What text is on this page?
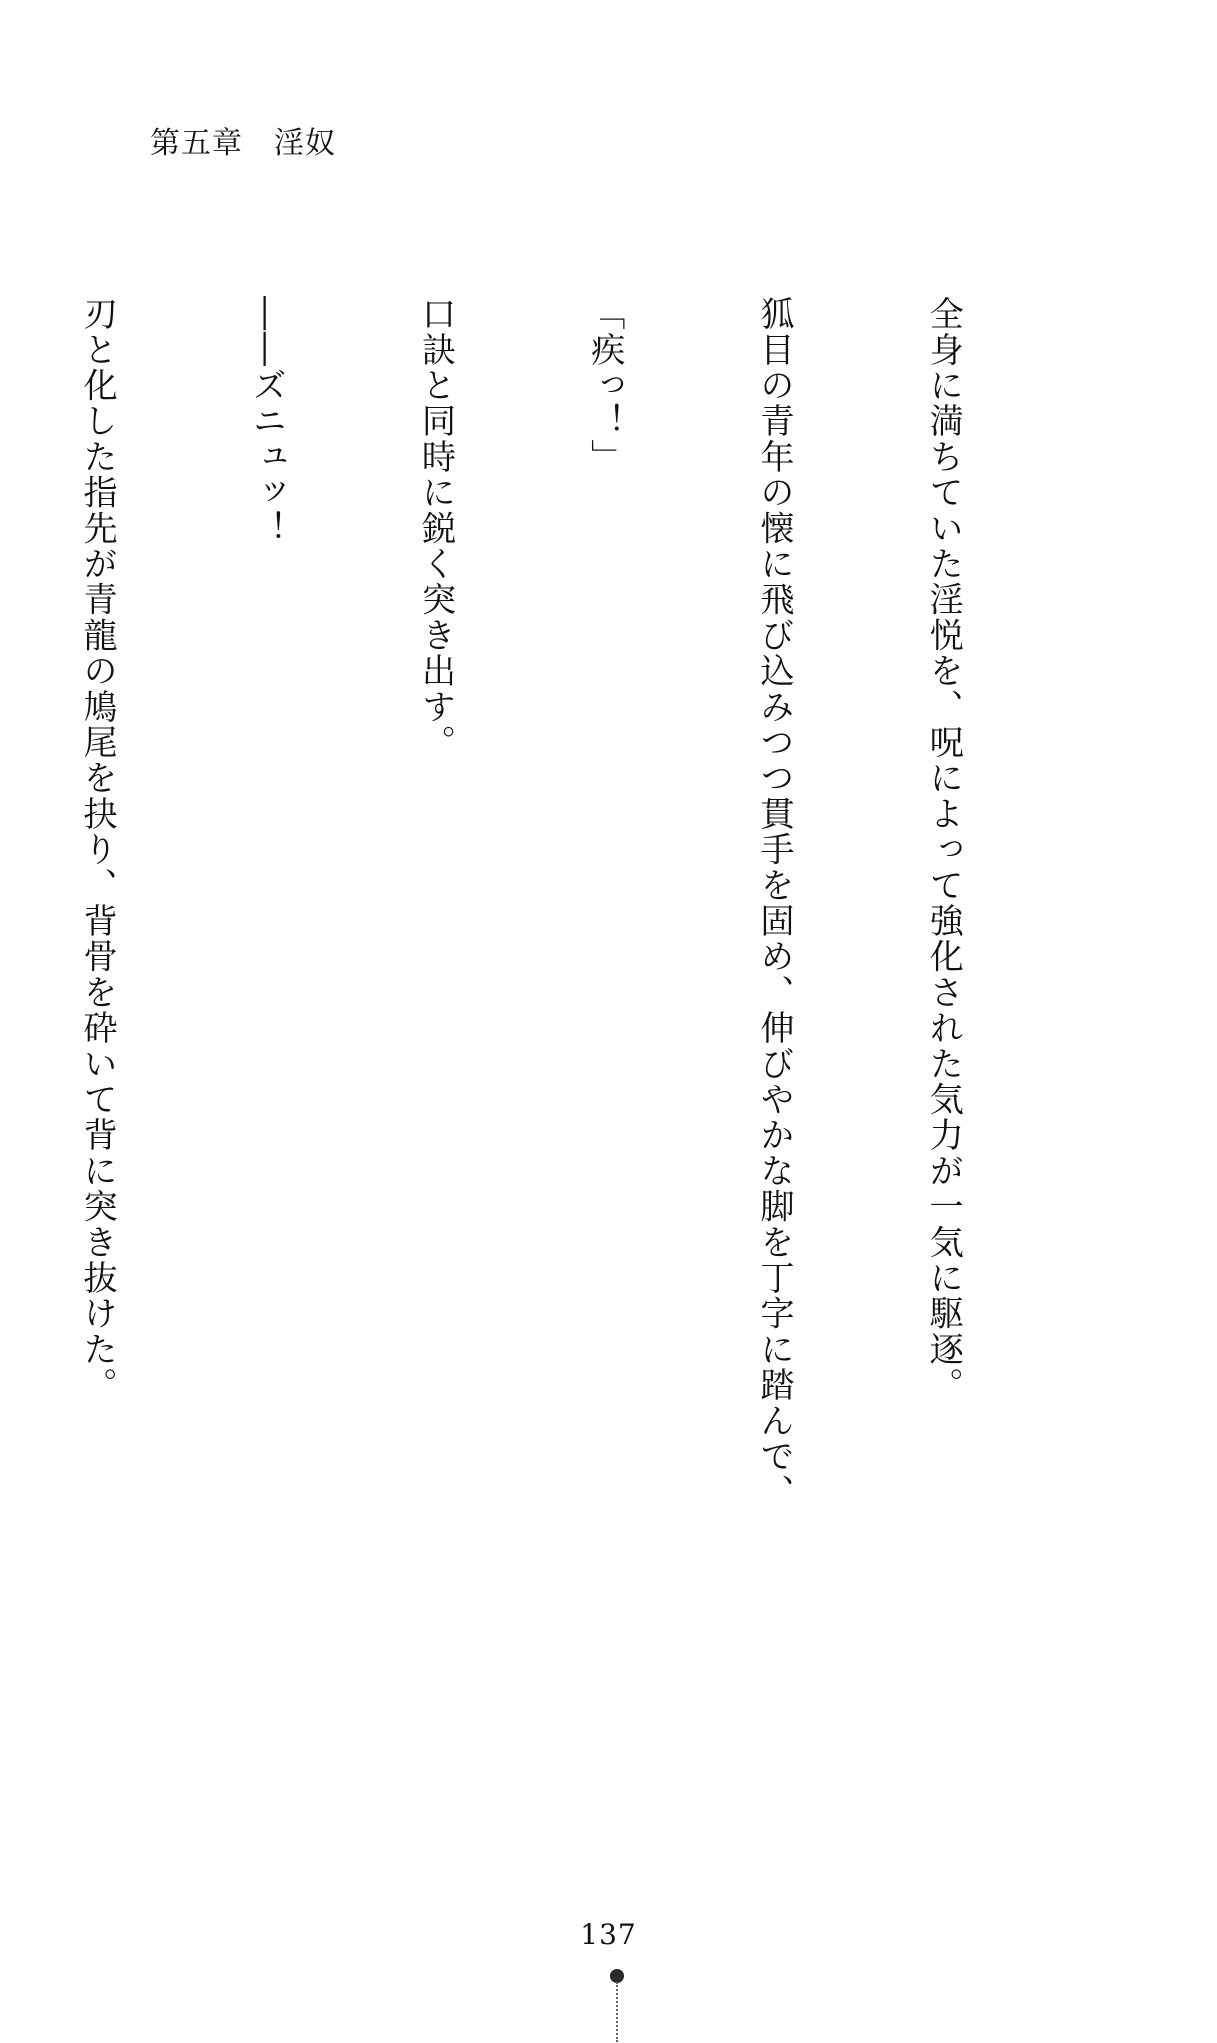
第五章　淫奴

全身に満ちていた淫悦を、呪によって強化された気力が一気に駆逐。

狐目の青年の懐に飛び込みつつ貫手を固め、伸びやかな脚を丁字に踏んで、

「疾っ！」

口訣と同時に鋭く突き出す。

――ズニュッ！

刃と化した指先が青龍の鳩尾を抉り、背骨を砕いて背に突き抜けた。

137
